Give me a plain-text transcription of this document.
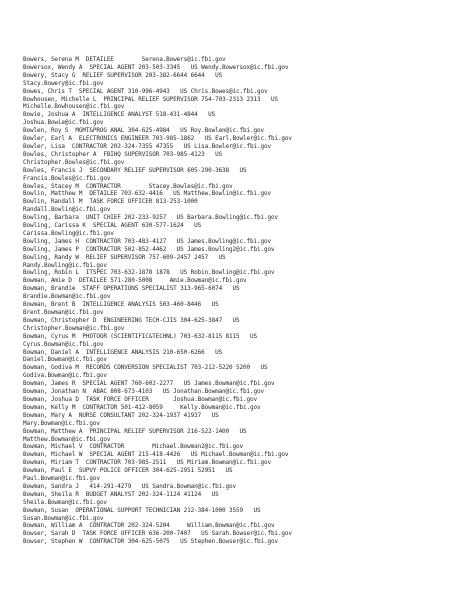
Bowers, Serena M  DETAILEE        Serena.Bowers@ic.fbi.gov
Bowersox, Wendy A  SPECIAL AGENT 203-503-3345   US Wendy.Bowersox@ic.fbi.gov
Bowery, Stacy G  RELIEF SUPERVISOR 203-382-6644 6644   US
Stacy.Bowery@ic.fbi.gov
Bowes, Chris T  SPECIAL AGENT 310-996-4943   US Chris.Bowes@ic.fbi.gov
Bowhousen, Michelle L  PRINCIPAL RELIEF SUPERVISOR 754-703-2313 2313   US
Michelle.Bowhousen@ic.fbi.gov
Bowie, Joshua A  INTELLIGENCE ANALYST 518-431-4844   US
Joshua.Bowie@ic.fbi.gov
Bowlen, Roy S  MGMT&PROG ANAL 304-625-4984   US Roy.Bowlen@ic.fbi.gov
Bowler, Earl A  ELECTRONICS ENGINEER 703-985-1862   US Earl.Bowler@ic.fbi.gov
Bowler, Lisa  CONTRACTOR 202-324-7355 47355   US Lisa.Bowler@ic.fbi.gov
Bowles, Christopher A  FBIHQ SUPERVISOR 703-985-4123   US
Christopher.Bowles@ic.fbi.gov
Bowles, Francis J  SECONDARY RELIEF SUPERVISOR 605-290-3638   US
Francis.Bowles@ic.fbi.gov
Bowles, Stacey M  CONTRACTOR        Stacey.Bowles@ic.fbi.gov
Bowlin, Matthew M  DETAILEE 703-632-4416   US Matthew.Bowlin@ic.fbi.gov
Bowlin, Randall M  TASK FORCE OFFICER 813-253-1000
Randall.Bowlin@ic.fbi.gov
Bowling, Barbara  UNIT CHIEF 202-233-9257   US Barbara.Bowling@ic.fbi.gov
Bowling, Carissa K  SPECIAL AGENT 630-577-1624   US
Carissa.Bowling@ic.fbi.gov
Bowling, James H  CONTRACTOR 703-483-4127   US James.Bowling@ic.fbi.gov
Bowling, James P  CONTRACTOR 502-852-4462   US James.Bowling2@ic.fbi.gov
Bowling, Randy W  RELIEF SUPERVISOR 757-609-2457 2457   US
Randy.Bowling@ic.fbi.gov
Bowling, Robin L  ITSPEC 703-632-1878 1878   US Robin.Bowling@ic.fbi.gov
Bowman, Amie D  DETAILEE 571-280-5008     Amie.Bowman@ic.fbi.gov
Bowman, Brandie  STAFF OPERATIONS SPECIALIST 313-965-6074   US
Brandie.Bowman@ic.fbi.gov
Bowman, Brent B  INTELLIGENCE ANALYSIS 503-460-8446   US
Brent.Bowman@ic.fbi.gov
Bowman, Christopher D  ENGINEERING TECH-CJIS 304-625-3847   US
Christopher.Bowman@ic.fbi.gov
Bowman, Cyrus M  PHOTOGR (SCIENTIFIC&TECHNL) 703-632-8115 8115   US
Cyrus.Bowman@ic.fbi.gov
Bowman, Daniel A  INTELLIGENCE ANALYSIS 210-650-6266   US
Daniel.Bowman@ic.fbi.gov
Bowman, Godiva M  RECORDS CONVERSION SPECIALIST 703-212-5220 5200   US
Godiva.Bowman@ic.fbi.gov
Bowman, James R  SPECIAL AGENT 760-602-2277   US James.Bowman@ic.fbi.gov
Bowman, Jonathan N  ABAC 808-673-4103   US Jonathan.Bowman@ic.fbi.gov
Bowman, Joshua D  TASK FORCE OFFICER       Joshua.Bowman@ic.fbi.gov
Bowman, Kelly M  CONTRACTOR 501-412-8059     Kelly.Bowman@ic.fbi.gov
Bowman, Mary A  NURSE CONSULTANT 202-324-1937 41937   US
Mary.Bowman@ic.fbi.gov
Bowman, Matthew A  PRINCIPAL RELIEF SUPERVISOR 216-522-1400   US
Matthew.Bowman@ic.fbi.gov
Bowman, Michael V  CONTRACTOR        Michael.Bowman2@ic.fbi.gov
Bowman, Michael W  SPECIAL AGENT 215-418-4426   US Michael.Bowman@ic.fbi.gov
Bowman, Miriam T  CONTRACTOR 703-985-2511   US Miriam.Bowman@ic.fbi.gov
Bowman, Paul E  SUPVY POLICE OFFICER 304-625-2951 52951   US
Paul.Bowman@ic.fbi.gov
Bowman, Sandra J   414-291-4279   US Sandra.Bowman@ic.fbi.gov
Bowman, Sheila R  BUDGET ANALYST 202-324-1124 41124   US
Sheila.Bowman@ic.fbi.gov
Bowman, Susan  OPERATIONAL SUPPORT TECHNICIAN 212-384-1000 3559   US
Susan.Bowman@ic.fbi.gov
Bowman, William A  CONTRACTOR 202-324-5204     William.Bowman@ic.fbi.gov
Bowser, Sarah D  TASK FORCE OFFICER 636-200-7407   US Sarah.Bowser@ic.fbi.gov
Bowser, Stephen W  CONTRACTOR 304-625-5075   US Stephen.Bowser@ic.fbi.gov
